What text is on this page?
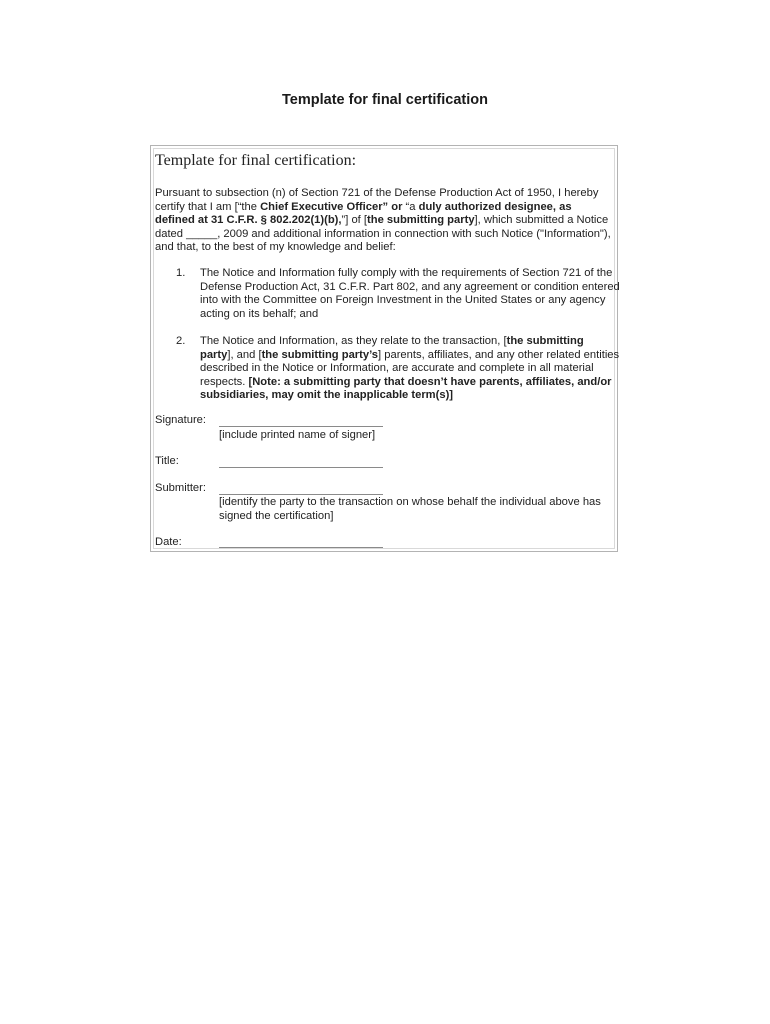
Template for final certification
Template for final certification:
Pursuant to subsection (n) of Section 721 of the Defense Production Act of 1950, I hereby certify that I am [“the Chief Executive Officer” or “a duly authorized designee, as defined at 31 C.F.R. § 802.202(1)(b),”] of [the submitting party], which submitted a Notice dated _____, 2009 and additional information in connection with such Notice ("Information"), and that, to the best of my knowledge and belief:
1.	The Notice and Information fully comply with the requirements of Section 721 of the Defense Production Act, 31 C.F.R. Part 802, and any agreement or condition entered into with the Committee on Foreign Investment in the United States or any agency acting on its behalf; and
2.	The Notice and Information, as they relate to the transaction, [the submitting party], and [the submitting party’s] parents, affiliates, and any other related entities described in the Notice or Information, are accurate and complete in all material respects. [Note: a submitting party that doesn’t have parents, affiliates, and/or subsidiaries, may omit the inapplicable term(s)]
Signature:
[include printed name of signer]
Title:
Submitter:
[identify the party to the transaction on whose behalf the individual above has signed the certification]
Date:
